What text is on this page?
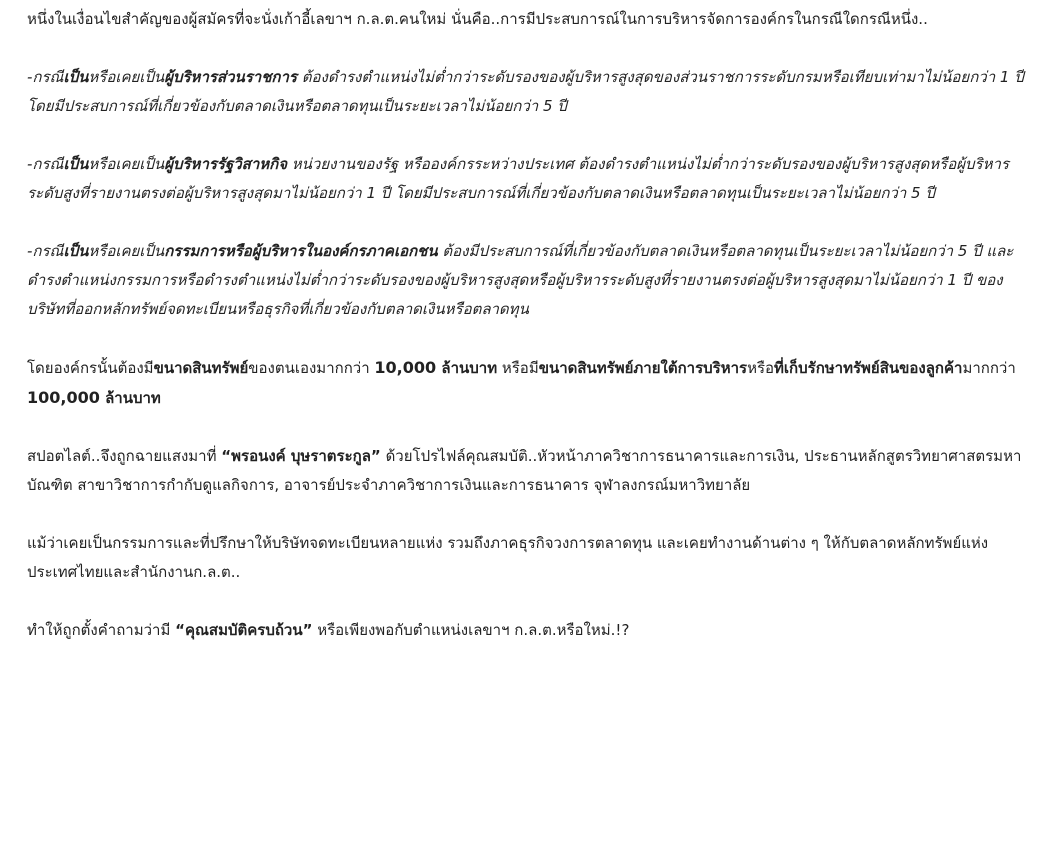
หนึ่งในเงื่อนไขสำคัญของผู้สมัครที่จะนั่งเก้าอี้เลขาฯ ก.ล.ต.คนใหม่ นั่นคือ..การมีประสบการณ์ในการบริหารจัดการองค์กรในกรณีใดกรณีหนึ่ง..

-กรณีเป็นหรือเคยเป็นผู้บริหารส่วนราชการ ต้องดำรงตำแหน่งไม่ต่ำกว่าระดับรองของผู้บริหารสูงสุดของส่วนราชการระดับกรมหรือเทียบเท่ามาไม่น้อยกว่า 1 ปี โดยมีประสบการณ์ที่เกี่ยวข้องกับตลาดเงินหรือตลาดทุนเป็นระยะเวลาไม่น้อยกว่า 5 ปี

-กรณีเป็นหรือเคยเป็นผู้บริหารรัฐวิสาหกิจ หน่วยงานของรัฐ หรือองค์กรระหว่างประเทศ ต้องดำรงตำแหน่งไม่ต่ำกว่าระดับรองของผู้บริหารสูงสุดหรือผู้บริหารระดับสูงที่รายงานตรงต่อผู้บริหารสูงสุดมาไม่น้อยกว่า 1 ปี โดยมีประสบการณ์ที่เกี่ยวข้องกับตลาดเงินหรือตลาดทุนเป็นระยะเวลาไม่น้อยกว่า 5 ปี

-กรณีเป็นหรือเคยเป็นกรรมการหรือผู้บริหารในองค์กรภาคเอกชน ต้องมีประสบการณ์ที่เกี่ยวข้องกับตลาดเงินหรือตลาดทุนเป็นระยะเวลาไม่น้อยกว่า 5 ปี และดำรงตำแหน่งกรรมการหรือดำรงตำแหน่งไม่ต่ำกว่าระดับรองของผู้บริหารสูงสุดหรือผู้บริหารระดับสูงที่รายงานตรงต่อผู้บริหารสูงสุดมาไม่น้อยกว่า 1 ปี ของบริษัทที่ออกหลักทรัพย์จดทะเบียนหรือธุรกิจที่เกี่ยวข้องกับตลาดเงินหรือตลาดทุน

โดยองค์กรนั้นต้องมีขนาดสินทรัพย์ของตนเองมากกว่า 10,000 ล้านบาท หรือมีขนาดสินทรัพย์ภายใต้การบริหารหรือที่เก็บรักษาทรัพย์สินของลูกค้ามากกว่า 100,000 ล้านบาท

สปอตไลต์..จึงถูกฉายแสงมาที่ “พรอนงค์ บุษราตระกูล” ด้วยโปรไฟล์คุณสมบัติ..หัวหน้าภาควิชาการธนาคารและการเงิน, ประธานหลักสูตรวิทยาศาสตรมหาบัณฑิต สาขาวิชาการกำกับดูแลกิจการ, อาจารย์ประจำภาควิชาการเงินและการธนาคาร จุฬาลงกรณ์มหาวิทยาลัย

แม้ว่าเคยเป็นกรรมการและที่ปรึกษาให้บริษัทจดทะเบียนหลายแห่ง รวมถึงภาคธุรกิจวงการตลาดทุน และเคยทำงานด้านต่าง ๆ ให้กับตลาดหลักทรัพย์แห่งประเทศไทยและสำนักงานก.ล.ต..

ทำให้ถูกตั้งคำถามว่ามี “คุณสมบัติครบถ้วน” หรือเพียงพอกับตำแหน่งเลขาฯ ก.ล.ต.หรือใหม่.!?
